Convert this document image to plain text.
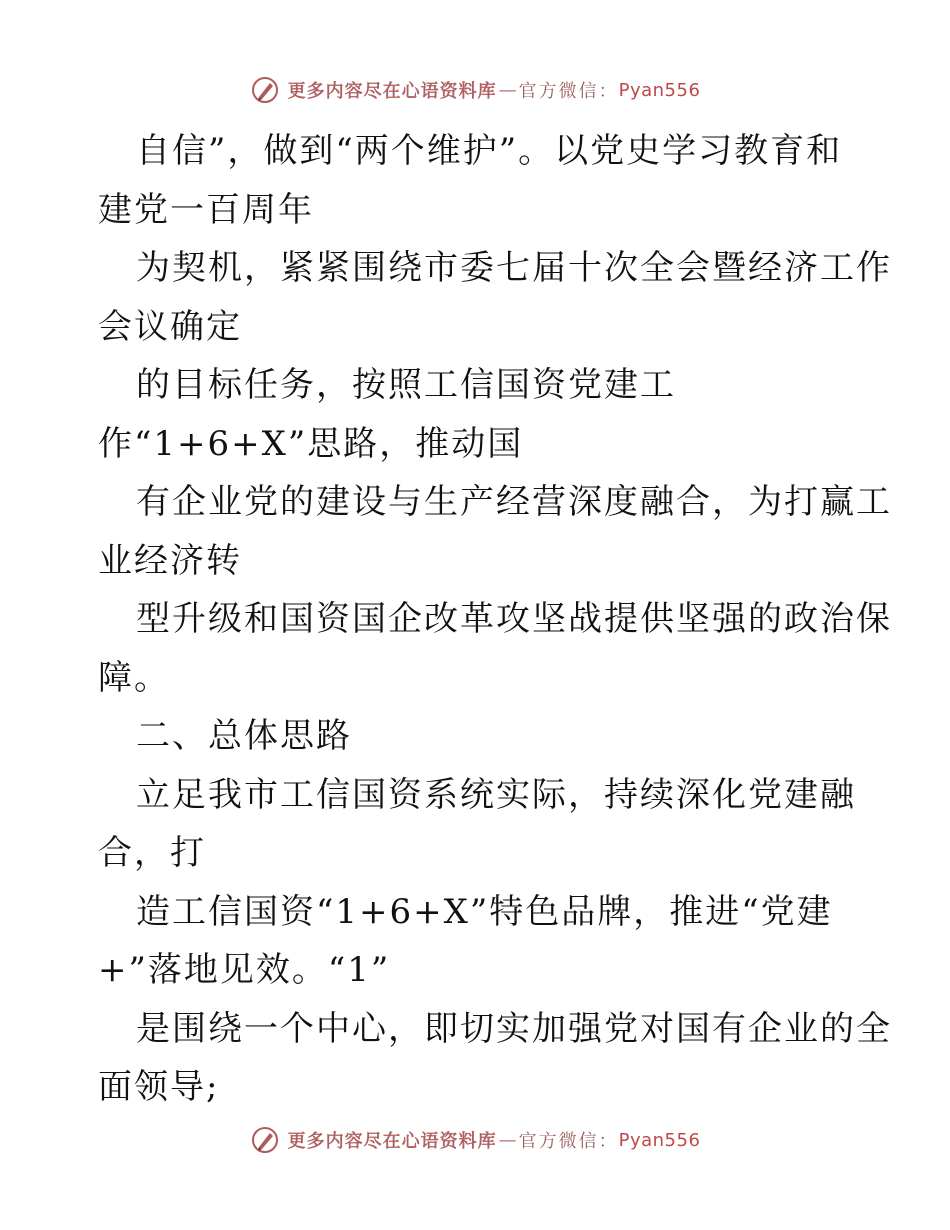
更多内容尽在心语资料库 — 官方微信： Pyan556
自信”，做到“两个维护”。以党史学习教育和
建党一百周年
为契机，紧紧围绕市委七届十次全会暨经济工作
会议确定
的目标任务，按照工信国资党建工
作“1+6+X”思路，推动国
有企业党的建设与生产经营深度融合，为打赢工
业经济转
型升级和国资国企改革攻坚战提供坚强的政治保
障。
二、总体思路
立足我市工信国资系统实际，持续深化党建融
合，打
造工信国资“1+6+X”特色品牌，推进“党建
+”落地见效。“1”
是围绕一个中心，即切实加强党对国有企业的全
面领导;
更多内容尽在心语资料库 — 官方微信： Pyan556
